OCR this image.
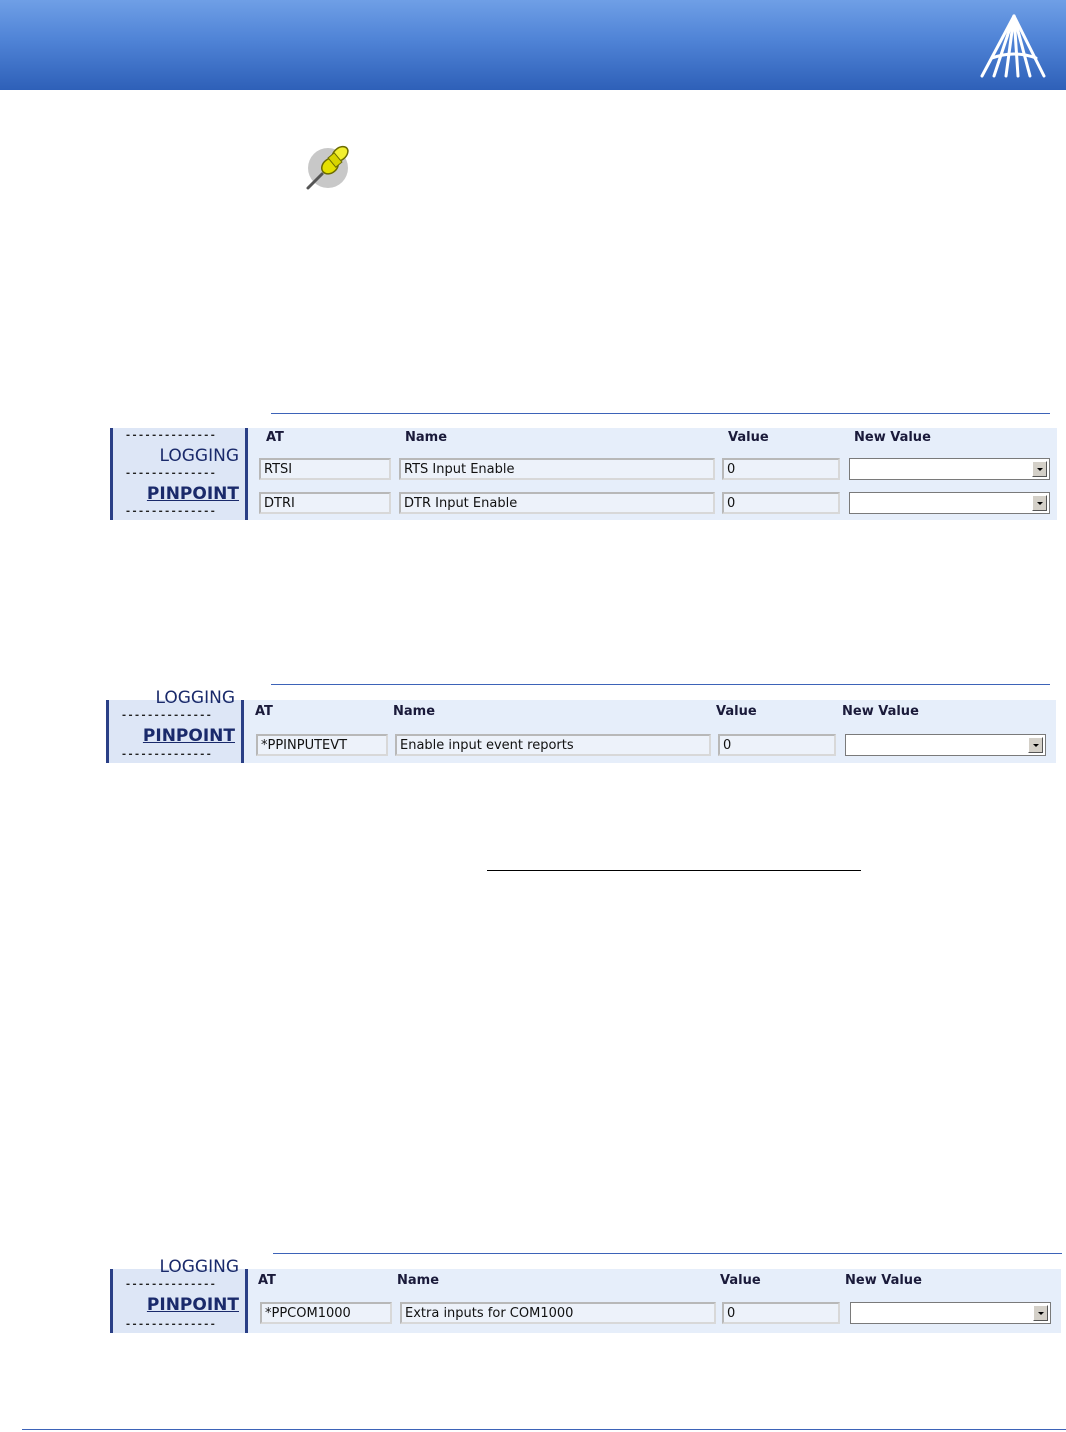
--------------
LOGGING
--------------
PINPOINT
--------------
AT	Name	Value	New Value
RTSI	RTS Input Enable	0
DTRI	DTR Input Enable	0
LOGGING
--------------
PINPOINT
--------------
AT	Name	Value	New Value
*PPINPUTEVT	Enable input event reports	0
LOGGING
--------------
PINPOINT
--------------
AT	Name	Value	New Value
*PPCOM1000	Extra inputs for COM1000	0
